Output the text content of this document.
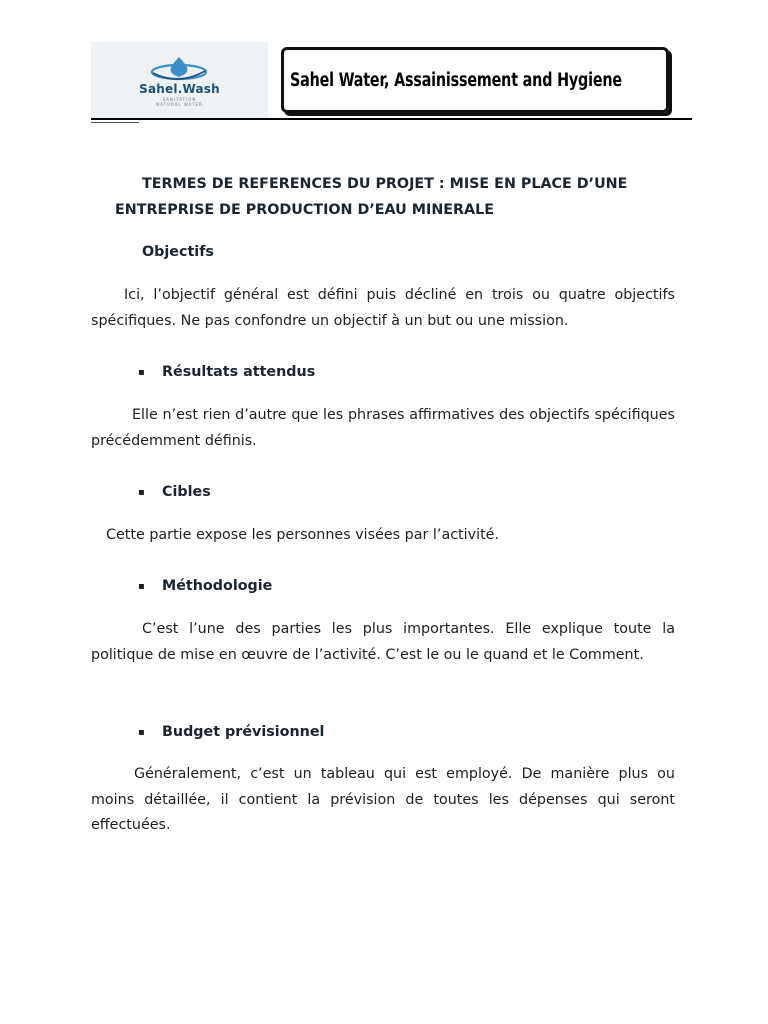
Sahel.Wash
SANITATION
NATURAL WATER
Sahel Water, Assainissement and Hygiene
TERMES DE REFERENCES DU PROJET : MISE EN PLACE D’UNE
ENTREPRISE DE PRODUCTION D’EAU MINERALE
Objectifs
Ici, l’objectif général est défini puis décliné en trois ou quatre objectifs spécifiques. Ne pas confondre un objectif à un but ou une mission.
▪ Résultats attendus
Elle n’est rien d’autre que les phrases affirmatives des objectifs spécifiques précédemment définis.
▪ Cibles
Cette partie expose les personnes visées par l’activité.
▪ Méthodologie
C’est l’une des parties les plus importantes. Elle explique toute la politique de mise en œuvre de l’activité. C’est le ou le quand et le Comment.
▪ Budget prévisionnel
Généralement, c’est un tableau qui est employé. De manière plus ou moins détaillée, il contient la prévision de toutes les dépenses qui seront effectuées.
